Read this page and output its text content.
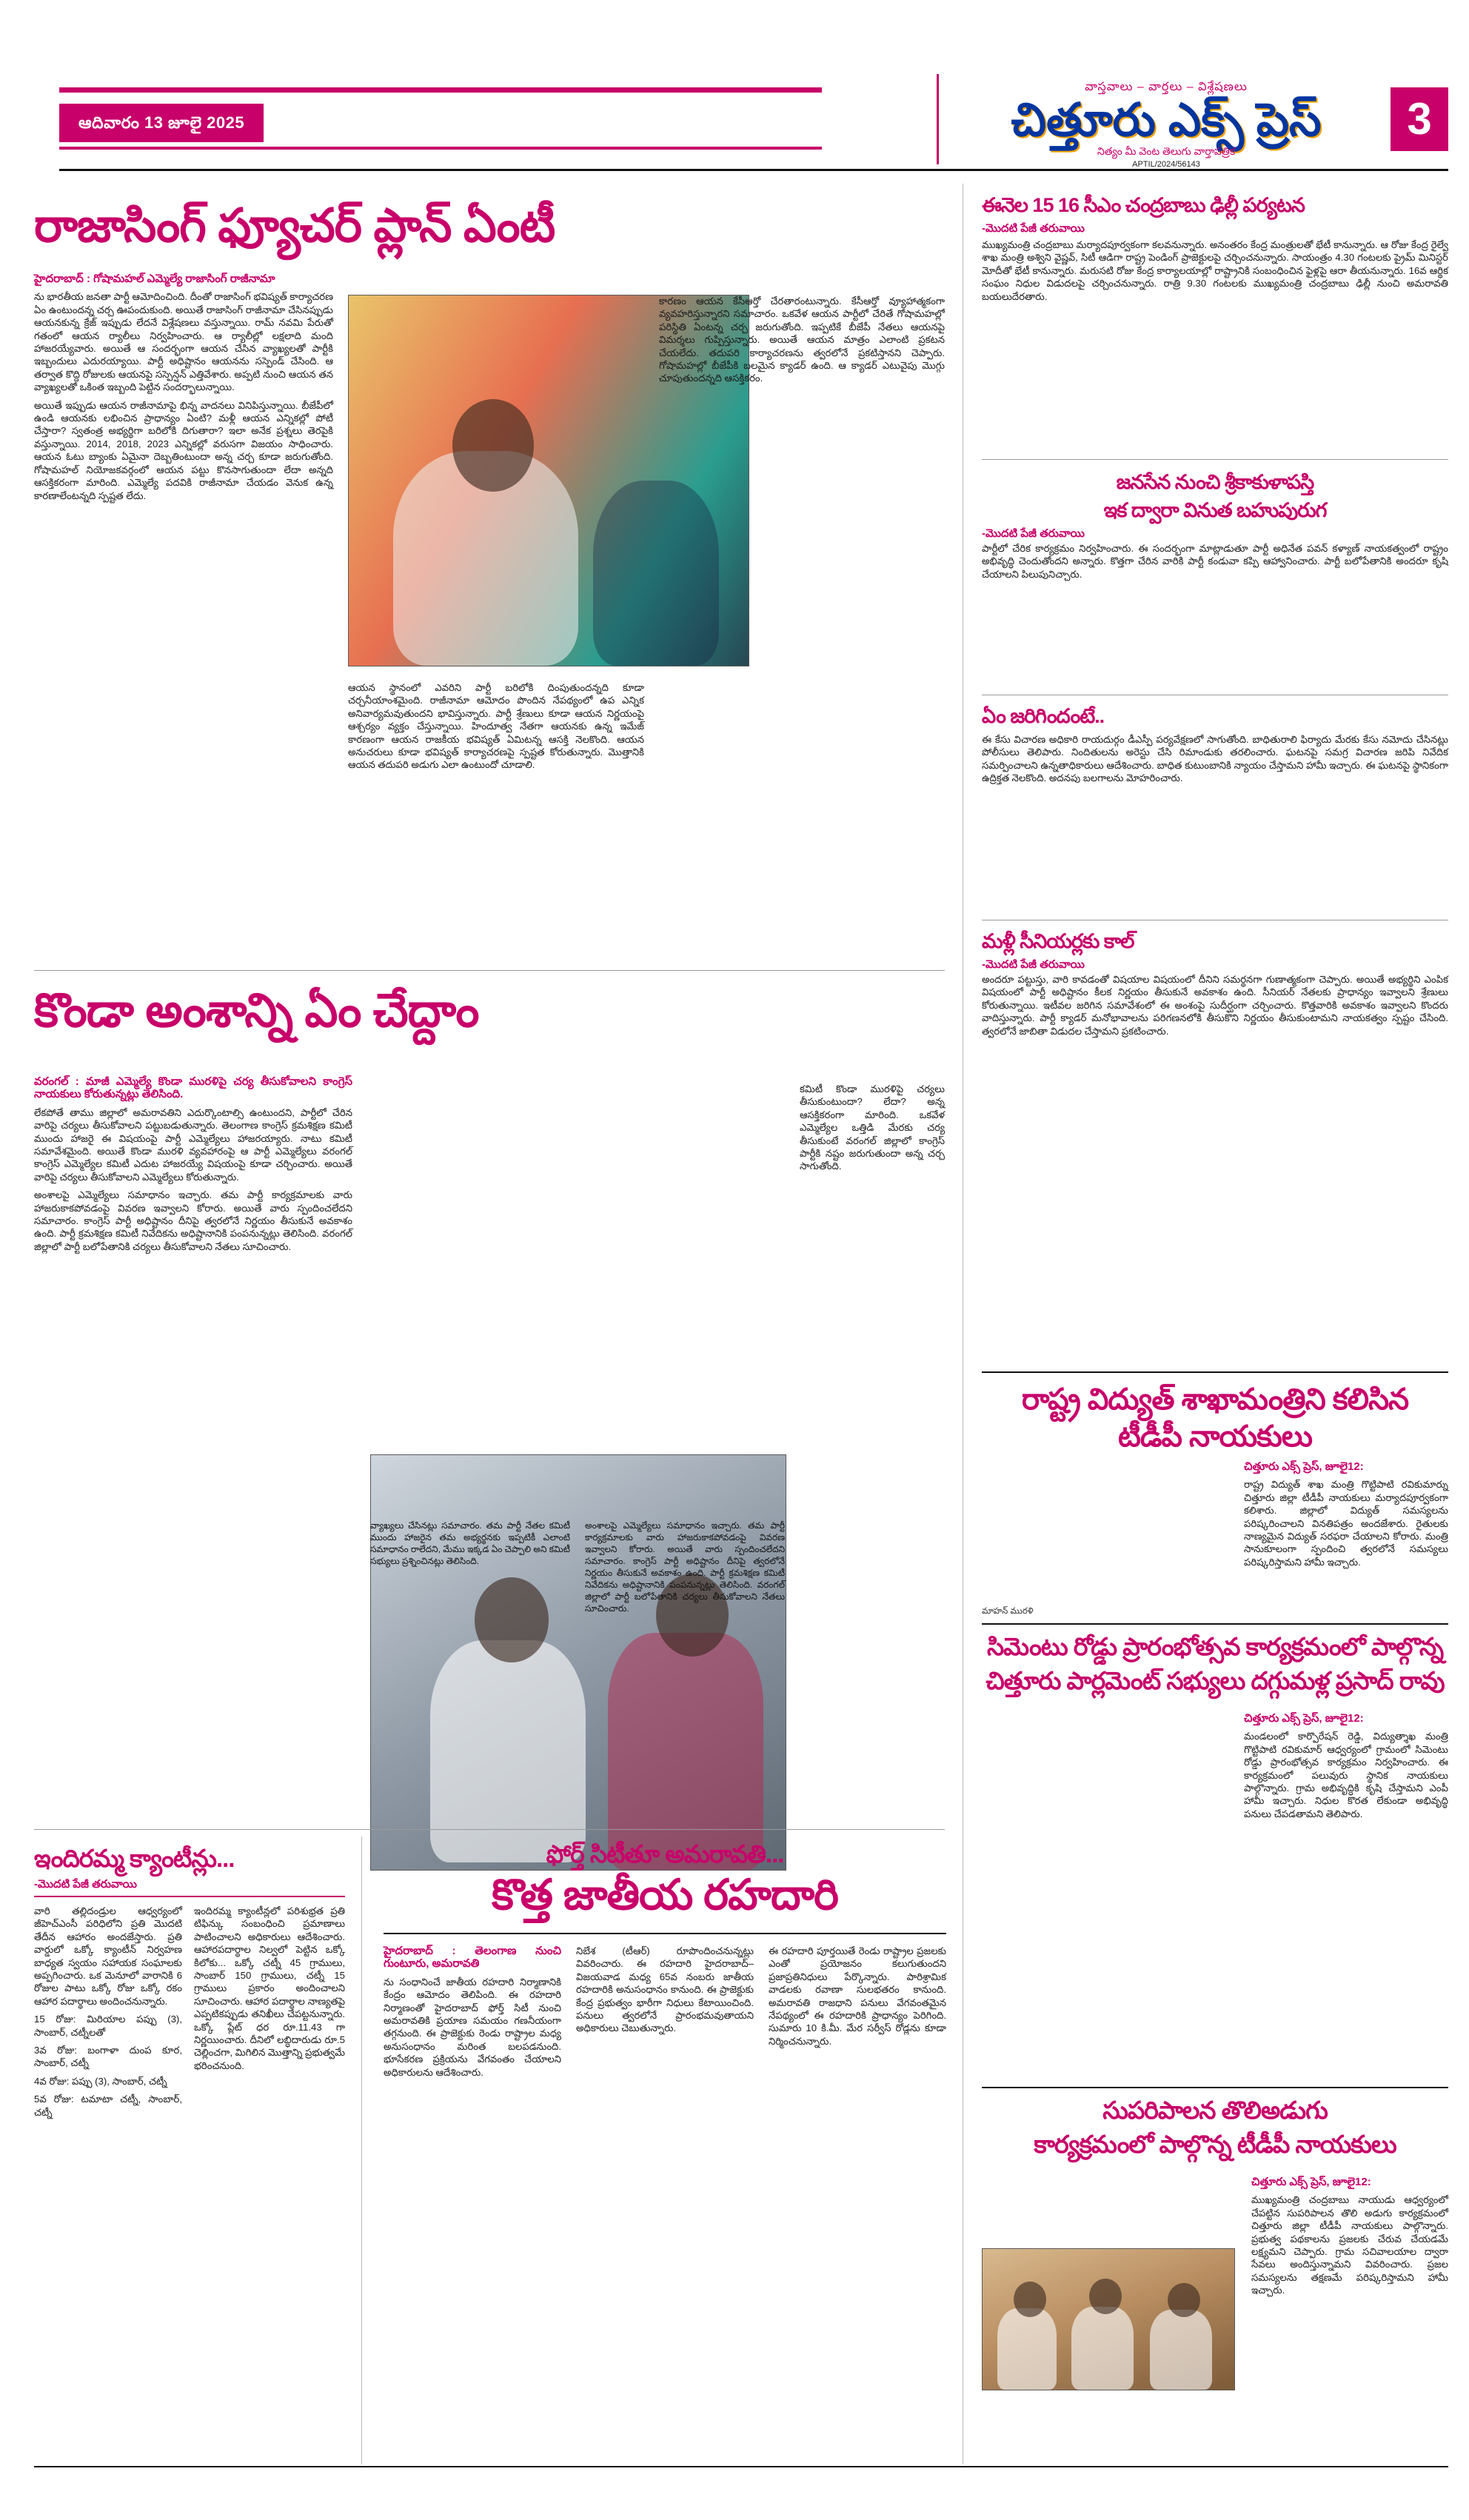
ఆదివారం 13 జూలై 2025
వాస్తవాలు – వార్తలు – విశ్లేషణలు
చిత్తూరు ఎక్స్ ప్రెస్
నిత్యం మీ వెంట తెలుగు వార్తాపత్రిక
APTIL/2024/56143
3
రాజాసింగ్ ఫ్యూచర్ ప్లాన్ ఏంటీ

హైదరాబాద్ : గోషామహల్ ఎమ్మెల్యే రాజాసింగ్ రాజీనామా

ను భారతీయ జనతా పార్టీ ఆమోదించింది. దీంతో రాజాసింగ్ భవిష్యత్ కార్యాచరణ ఏం ఉంటుందన్న చర్చ ఊపందుకుంది. అయితే రాజాసింగ్ రాజీనామా చేసినప్పుడు ఆయనకున్న క్రేజ్ ఇప్పుడు లేదనే విశ్లేషణలు వస్తున్నాయి. రామ్ నవమి పేరుతో గతంలో ఆయన ర్యాలీలు నిర్వహించారు. ఆ ర్యాలీల్లో లక్షలాది మంది హాజరయ్యేవారు. అయితే ఆ సందర్భంగా ఆయన చేసిన వ్యాఖ్యలతో పార్టీకి ఇబ్బందులు ఎదురయ్యాయి. పార్టీ అధిష్టానం ఆయనను సస్పెండ్ చేసింది. ఆ తర్వాత కొద్ది రోజులకు ఆయనపై సస్పెన్షన్ ఎత్తివేశారు. అప్పటి నుంచి ఆయన తన వ్యాఖ్యలతో ఒకింత ఇబ్బంది పెట్టిన సందర్భాలున్నాయి.

అయితే ఇప్పుడు ఆయన రాజీనామాపై భిన్న వాదనలు వినిపిస్తున్నాయి. బీజేపీలో ఉండి ఆయనకు లభించిన ప్రాధాన్యం ఏంటి? మళ్లీ ఆయన ఎన్నికల్లో పోటీ చేస్తారా? స్వతంత్ర అభ్యర్థిగా బరిలోకి దిగుతారా? ఇలా అనేక ప్రశ్నలు తెరపైకి వస్తున్నాయి. 2014, 2018, 2023 ఎన్నికల్లో వరుసగా విజయం సాధించారు. ఆయన ఓటు బ్యాంకు ఏమైనా దెబ్బతింటుందా అన్న చర్చ కూడా జరుగుతోంది. గోషామహల్ నియోజకవర్గంలో ఆయన పట్టు కొనసాగుతుందా లేదా అన్నది ఆసక్తికరంగా మారింది. ఎమ్మెల్యే పదవికి రాజీనామా చేయడం వెనుక ఉన్న కారణాలేంటన్నది స్పష్టత లేదు.

ఆయన స్థానంలో ఎవరిని పార్టీ బరిలోకి దింపుతుందన్నది కూడా చర్చనీయాంశమైంది. రాజీనామా ఆమోదం పొందిన నేపథ్యంలో ఉప ఎన్నిక అనివార్యమవుతుందని భావిస్తున్నారు. పార్టీ శ్రేణులు కూడా ఆయన నిర్ణయంపై ఆశ్చర్యం వ్యక్తం చేస్తున్నాయి. హిందూత్వ నేతగా ఆయనకు ఉన్న ఇమేజ్ కారణంగా ఆయన రాజకీయ భవిష్యత్ ఏమిటన్న ఆసక్తి నెలకొంది. ఆయన అనుచరులు కూడా భవిష్యత్ కార్యాచరణపై స్పష్టత కోరుతున్నారు. మొత్తానికి ఆయన తదుపరి అడుగు ఎలా ఉంటుందో చూడాలి.

కారణం ఆయన కేసీఆర్తో చేరతారంటున్నారు. కేసీఆర్తో వ్యూహాత్మకంగా వ్యవహరిస్తున్నారని సమాచారం. ఒకవేళ ఆయన పార్టీలో చేరితే గోషామహల్లో పరిస్థితి ఏంటన్న చర్చ జరుగుతోంది. ఇప్పటికే బీజేపీ నేతలు ఆయనపై విమర్శలు గుప్పిస్తున్నారు. అయితే ఆయన మాత్రం ఎలాంటి ప్రకటన చేయలేదు. తదుపరి కార్యాచరణను త్వరలోనే ప్రకటిస్తానని చెప్పారు. గోషామహల్లో బీజేపీకి బలమైన క్యాడర్ ఉంది. ఆ క్యాడర్ ఎటువైపు మొగ్గు చూపుతుందన్నది ఆసక్తికరం.

కొండా అంశాన్ని ఏం చేద్దాం

వరంగల్ : మాజీ ఎమ్మెల్యే కొండా మురళిపై చర్య తీసుకోవాలని కాంగ్రెస్ నాయకులు కోరుతున్నట్లు తెలిసింది.

లేకపోతే తాము జిల్లాలో అమరావతిని ఎదుర్కొంటాల్సి ఉంటుందని, పార్టీలో చేరిన వారిపై చర్యలు తీసుకోవాలని పట్టుబడుతున్నారు. తెలంగాణ కాంగ్రెస్ క్రమశిక్షణ కమిటీ ముందు హాజరై ఈ విషయంపై పార్టీ ఎమ్మెల్యేలు హాజరయ్యారు. నాటు కమిటీ సమావేశమైంది. అయితే కొండా మురళి వ్యవహారంపై ఆ పార్టీ ఎమ్మెల్యేలు వరంగల్ కాంగ్రెస్ ఎమ్మెల్యేల కమిటీ ఎదుట హాజరయ్యే విషయంపై కూడా చర్చించారు. అయితే వారిపై చర్యలు తీసుకోవాలని ఎమ్మెల్యేలు కోరుతున్నారు.

అంశాలపై ఎమ్మెల్యేలు సమాధానం ఇచ్చారు. తమ పార్టీ కార్యక్రమాలకు వారు హాజరుకాకపోవడంపై వివరణ ఇవ్వాలని కోరారు. అయితే వారు స్పందించలేదని సమాచారం. కాంగ్రెస్ పార్టీ అధిష్టానం దీనిపై త్వరలోనే నిర్ణయం తీసుకునే అవకాశం ఉంది. పార్టీ క్రమశిక్షణ కమిటీ నివేదికను అధిష్టానానికి పంపనున్నట్లు తెలిసింది. వరంగల్ జిల్లాలో పార్టీ బలోపేతానికి చర్యలు తీసుకోవాలని నేతలు సూచించారు.

కమిటీ కొండా మురళిపై చర్యలు తీసుకుంటుందా? లేదా? అన్న ఆసక్తికరంగా మారింది. ఒకవేళ ఎమ్మెల్యేల ఒత్తిడి మేరకు చర్య తీసుకుంటే వరంగల్ జిల్లాలో కాంగ్రెస్ పార్టీకి నష్టం జరుగుతుందా అన్న చర్చ సాగుతోంది.

వ్యాఖ్యలు చేసినట్లు సమాచారం. తమ పార్టీ నేతల కమిటీ ముందు హాజరైన తమ అభ్యర్థనకు ఇప్పటికీ ఎలాంటి సమాధానం రాలేదని, మేము ఇక్కడ ఏం చెప్పాలి అని కమిటీ సభ్యులు ప్రశ్నించినట్లు తెలిసింది.

అంశాలపై ఎమ్మెల్యేలు సమాధానం ఇచ్చారు. తమ పార్టీ కార్యక్రమాలకు వారు హాజరుకాకపోవడంపై వివరణ ఇవ్వాలని కోరారు. అయితే వారు స్పందించలేదని సమాచారం. కాంగ్రెస్ పార్టీ అధిష్టానం దీనిపై త్వరలోనే నిర్ణయం తీసుకునే అవకాశం ఉంది. పార్టీ క్రమశిక్షణ కమిటీ నివేదికను అధిష్టానానికి పంపనున్నట్లు తెలిసింది. వరంగల్ జిల్లాలో పార్టీ బలోపేతానికి చర్యలు తీసుకోవాలని నేతలు సూచించారు.

ఇందిరమ్మ క్యాంటీన్లు...
-మెుదటి పేజీ తరువాయి

వారి తల్లిదండ్రుల ఆధ్వర్యంలో జీహెచ్ఎంసీ పరిధిలోని ప్రతి మెుదటి తేదీన ఆహారం అందజేస్తారు. ప్రతి వార్డులో ఒక్కో క్యాంటీన్ నిర్వహణ బాధ్యత స్వయం సహాయక సంఘాలకు అప్పగించారు. ఒక మెనూలో వారానికి 6 రోజుల పాటు ఒక్కో రోజు ఒక్కో రకం ఆహార పదార్థాలు అందించనున్నారు.

15 రోజు: మిరియాల పప్పు (3), సాంబార్, చట్నీలతో

3వ రోజు: బంగాళా దుంప కూర, సాంబార్, చట్నీ

4వ రోజు: పప్పు (3), సాంబార్, చట్నీ

5వ రోజు: టమాటా చట్నీ, సాంబార్, చట్నీ

ఇందిరమ్మ క్యాంటీన్లలో పరిశుభ్రత ప్రతి టిఫిన్కు సంబంధించి ప్రమాణాలు పాటించాలని అధికారులు ఆదేశించారు. ఆహారపదార్థాల నిల్వలో పెట్టిన ఒక్కో కిలోకు... ఒక్కో చట్నీ 45 గ్రాములు, సాంబార్ 150 గ్రాములు, చట్నీ 15 గ్రాములు ప్రకారం అందించాలని సూచించారు. ఆహార పదార్థాల నాణ్యతపై ఎప్పటికప్పుడు తనిఖీలు చేపట్టనున్నారు. ఒక్కో ప్లేట్ ధర రూ.11.43 గా నిర్ణయించారు. దీనిలో లబ్ధిదారుడు రూ.5 చెల్లించగా, మిగిలిన మెుత్తాన్ని ప్రభుత్వమే భరించనుంది.

ఫోర్త్ సిటీతూ అమరావతి...
కొత్త జాతీయ రహదారి

హైదరాబాద్ : తెలంగాణ నుంచి గుంటూరు, అమరావతి

ను సంధానించే జాతీయ రహదారి నిర్మాణానికి కేంద్రం ఆమోదం తెలిపింది. ఈ రహదారి నిర్మాణంతో హైదరాబాద్ ఫోర్త్ సిటీ నుంచి అమరావతికి ప్రయాణ సమయం గణనీయంగా తగ్గనుంది. ఈ ప్రాజెక్టుకు రెండు రాష్ట్రాల మధ్య అనుసంధానం మరింత బలపడనుంది. భూసేకరణ ప్రక్రియను వేగవంతం చేయాలని అధికారులను ఆదేశించారు.

నిబేశ (టీఆర్) రూపొందించనున్నట్లు వివరించారు. ఈ రహదారి హైదరాబాద్–విజయవాడ మధ్య 65వ నంబరు జాతీయ రహదారికి అనుసంధానం కానుంది. ఈ ప్రాజెక్టుకు కేంద్ర ప్రభుత్వం భారీగా నిధులు కేటాయించింది. పనులు త్వరలోనే ప్రారంభమవుతాయని అధికారులు చెబుతున్నారు.

ఈ రహదారి పూర్తయితే రెండు రాష్ట్రాల ప్రజలకు ఎంతో ప్రయోజనం కలుగుతుందని ప్రజాప్రతినిధులు పేర్కొన్నారు. పారిశ్రామిక వాడలకు రవాణా సులభతరం కానుంది. అమరావతి రాజధాని పనులు వేగవంతమైన నేపథ్యంలో ఈ రహదారికి ప్రాధాన్యం పెరిగింది. సుమారు 10 కి.మీ. మేర సర్వీస్ రోడ్లను కూడా నిర్మించనున్నారు.

ఈనెల 15 16 సీఎం చంద్రబాబు ఢిల్లీ పర్యటన
-మెుదటి పేజీ తరువాయి

ముఖ్యమంత్రి చంద్రబాబు మర్యాదపూర్వకంగా కలవనున్నారు. అనంతరం కేంద్ర మంత్రులతో భేటీ కానున్నారు. ఆ రోజు కేంద్ర రైల్వే శాఖ మంత్రి అశ్విని వైష్ణవ్, సిటీ ఆడిగా రాష్ట్ర పెండింగ్ ప్రాజెక్టులపై చర్చించనున్నారు. సాయంత్రం 4.30 గంటలకు ప్రైమ్ మినిస్టర్ మోదీతో భేటీ కానున్నారు. మరుసటి రోజు కేంద్ర కార్యాలయాల్లో రాష్ట్రానికి సంబంధించిన ఫైళ్లపై ఆరా తీయనున్నారు. 16వ ఆర్థిక సంఘం నిధుల విడుదలపై చర్చించనున్నారు. రాత్రి 9.30 గంటలకు ముఖ్యమంత్రి చంద్రబాబు ఢిల్లీ నుంచి అమరావతి బయలుదేరతారు.

జనసేన నుంచి శ్రీకాకుళాపస్తి
ఇక ద్వారా వినుత బహుపురుగ
-మెుదటి పేజీ తరువాయి

పార్టీలో చేరిక కార్యక్రమం నిర్వహించారు. ఈ సందర్భంగా మాట్లాడుతూ పార్టీ అధినేత పవన్ కళ్యాణ్ నాయకత్వంలో రాష్ట్రం అభివృద్ధి చెందుతోందని అన్నారు. కొత్తగా చేరిన వారికి పార్టీ కండువా కప్పి ఆహ్వానించారు. పార్టీ బలోపేతానికి అందరూ కృషి చేయాలని పిలుపునిచ్చారు.

ఏం జరిగిందంటే..

ఈ కేసు విచారణ అధికారి రాయదుర్గం డీఎస్పీ పర్యవేక్షణలో సాగుతోంది. బాధితురాలి ఫిర్యాదు మేరకు కేసు నమోదు చేసినట్లు పోలీసులు తెలిపారు. నిందితులను అరెస్టు చేసి రిమాండుకు తరలించారు. ఘటనపై సమగ్ర విచారణ జరిపి నివేదిక సమర్పించాలని ఉన్నతాధికారులు ఆదేశించారు. బాధిత కుటుంబానికి న్యాయం చేస్తామని హామీ ఇచ్చారు. ఈ ఘటనపై స్థానికంగా ఉద్రిక్తత నెలకొంది. అదనపు బలగాలను మోహరించారు.

మళ్లీ సీనియర్లకు కాల్
-మెుదటి పేజీ తరువాయి

అందరూ పట్టుస్తు, వారి కావడంతో విషయాల విషయంలో దీనిని సమర్థనగా గుణాత్మకంగా చెప్పారు. అయితే అభ్యర్థిని ఎంపిక విషయంలో పార్టీ అధిష్టానం కీలక నిర్ణయం తీసుకునే అవకాశం ఉంది. సీనియర్ నేతలకు ప్రాధాన్యం ఇవ్వాలని శ్రేణులు కోరుతున్నాయి. ఇటీవల జరిగిన సమావేశంలో ఈ అంశంపై సుదీర్ఘంగా చర్చించారు. కొత్తవారికి అవకాశం ఇవ్వాలని కొందరు వాదిస్తున్నారు. పార్టీ క్యాడర్ మనోభావాలను పరిగణనలోకి తీసుకొని నిర్ణయం తీసుకుంటామని నాయకత్వం స్పష్టం చేసింది. త్వరలోనే జాబితా విడుదల చేస్తామని ప్రకటించారు.

రాష్ట్ర విద్యుత్ శాఖామంత్రిని కలిసిన
టీడీపీ నాయకులు

చిత్తూరు ఎక్స్ ప్రెస్, జూలై12:

రాష్ట్ర విద్యుత్ శాఖ మంత్రి గొట్టిపాటి రవికుమార్ను చిత్తూరు జిల్లా టీడీపీ నాయకులు మర్యాదపూర్వకంగా కలిశారు. జిల్లాలో విద్యుత్ సమస్యలను పరిష్కరించాలని వినతిపత్రం అందజేశారు. రైతులకు నాణ్యమైన విద్యుత్ సరఫరా చేయాలని కోరారు. మంత్రి సానుకూలంగా స్పందించి త్వరలోనే సమస్యలు పరిష్కరిస్తామని హామీ ఇచ్చారు.

మాహన్ మురళి
సిమెంటు రోడ్డు ప్రారంభోత్సవ కార్యక్రమంలో పాల్గొన్న
చిత్తూరు పార్లమెంట్ సభ్యులు దగ్గుమళ్ల ప్రసాద్ రావు

చిత్తూరు ఎక్స్ ప్రెస్, జూలై12:

మండలంలో కార్పొరేషన్ రెడ్డి, విద్యుత్శాఖ మంత్రి గొట్టిపాటి రవికుమార్ ఆధ్వర్యంలో గ్రామంలో సిమెంటు రోడ్డు ప్రారంభోత్సవ కార్యక్రమం నిర్వహించారు. ఈ కార్యక్రమంలో పలువురు స్థానిక నాయకులు పాల్గొన్నారు. గ్రామ అభివృద్ధికి కృషి చేస్తామని ఎంపీ హామీ ఇచ్చారు. నిధుల కొరత లేకుండా అభివృద్ధి పనులు చేపడతామని తెలిపారు.

సుపరిపాలన తొలిఅడుగు
కార్యక్రమంలో పాల్గొన్న టీడీపీ నాయకులు

చిత్తూరు ఎక్స్ ప్రెస్, జూలై12:

ముఖ్యమంత్రి చంద్రబాబు నాయుడు ఆధ్వర్యంలో చేపట్టిన సుపరిపాలన తొలి అడుగు కార్యక్రమంలో చిత్తూరు జిల్లా టీడీపీ నాయకులు పాల్గొన్నారు. ప్రభుత్వ పథకాలను ప్రజలకు చేరువ చేయడమే లక్ష్యమని చెప్పారు. గ్రామ సచివాలయాల ద్వారా సేవలు అందిస్తున్నామని వివరించారు. ప్రజల సమస్యలను తక్షణమే పరిష్కరిస్తామని హామీ ఇచ్చారు.
